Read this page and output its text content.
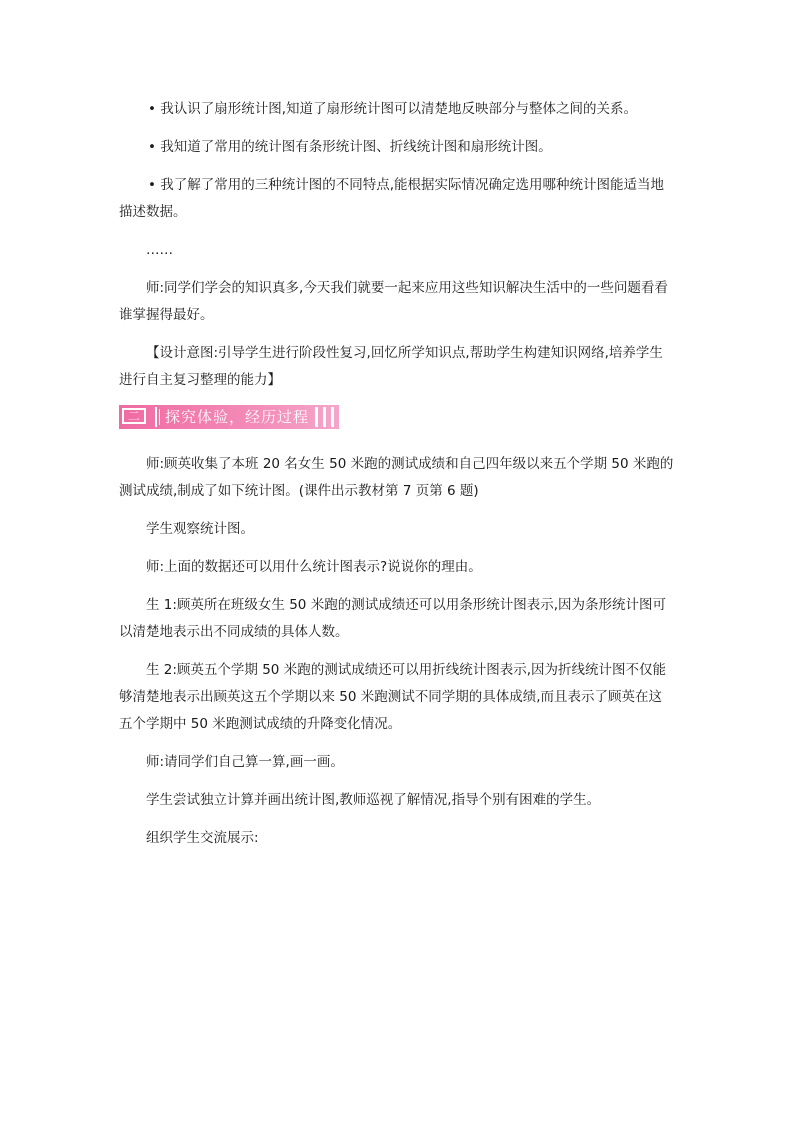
• 我认识了扇形统计图,知道了扇形统计图可以清楚地反映部分与整体之间的关系。

• 我知道了常用的统计图有条形统计图、折线统计图和扇形统计图。

• 我了解了常用的三种统计图的不同特点,能根据实际情况确定选用哪种统计图能适当地描述数据。

……

师:同学们学会的知识真多,今天我们就要一起来应用这些知识解决生活中的一些问题看看谁掌握得最好。

【设计意图:引导学生进行阶段性复习,回忆所学知识点,帮助学生构建知识网络,培养学生进行自主复习整理的能力】

二	探究体验，经历过程

师:顾英收集了本班 20 名女生 50 米跑的测试成绩和自己四年级以来五个学期 50 米跑的测试成绩,制成了如下统计图。(课件出示教材第 7 页第 6 题)

学生观察统计图。

师:上面的数据还可以用什么统计图表示?说说你的理由。

生 1:顾英所在班级女生 50 米跑的测试成绩还可以用条形统计图表示,因为条形统计图可以清楚地表示出不同成绩的具体人数。

生 2:顾英五个学期 50 米跑的测试成绩还可以用折线统计图表示,因为折线统计图不仅能够清楚地表示出顾英这五个学期以来 50 米跑测试不同学期的具体成绩,而且表示了顾英在这五个学期中 50 米跑测试成绩的升降变化情况。

师:请同学们自己算一算,画一画。

学生尝试独立计算并画出统计图,教师巡视了解情况,指导个别有困难的学生。

组织学生交流展示:
